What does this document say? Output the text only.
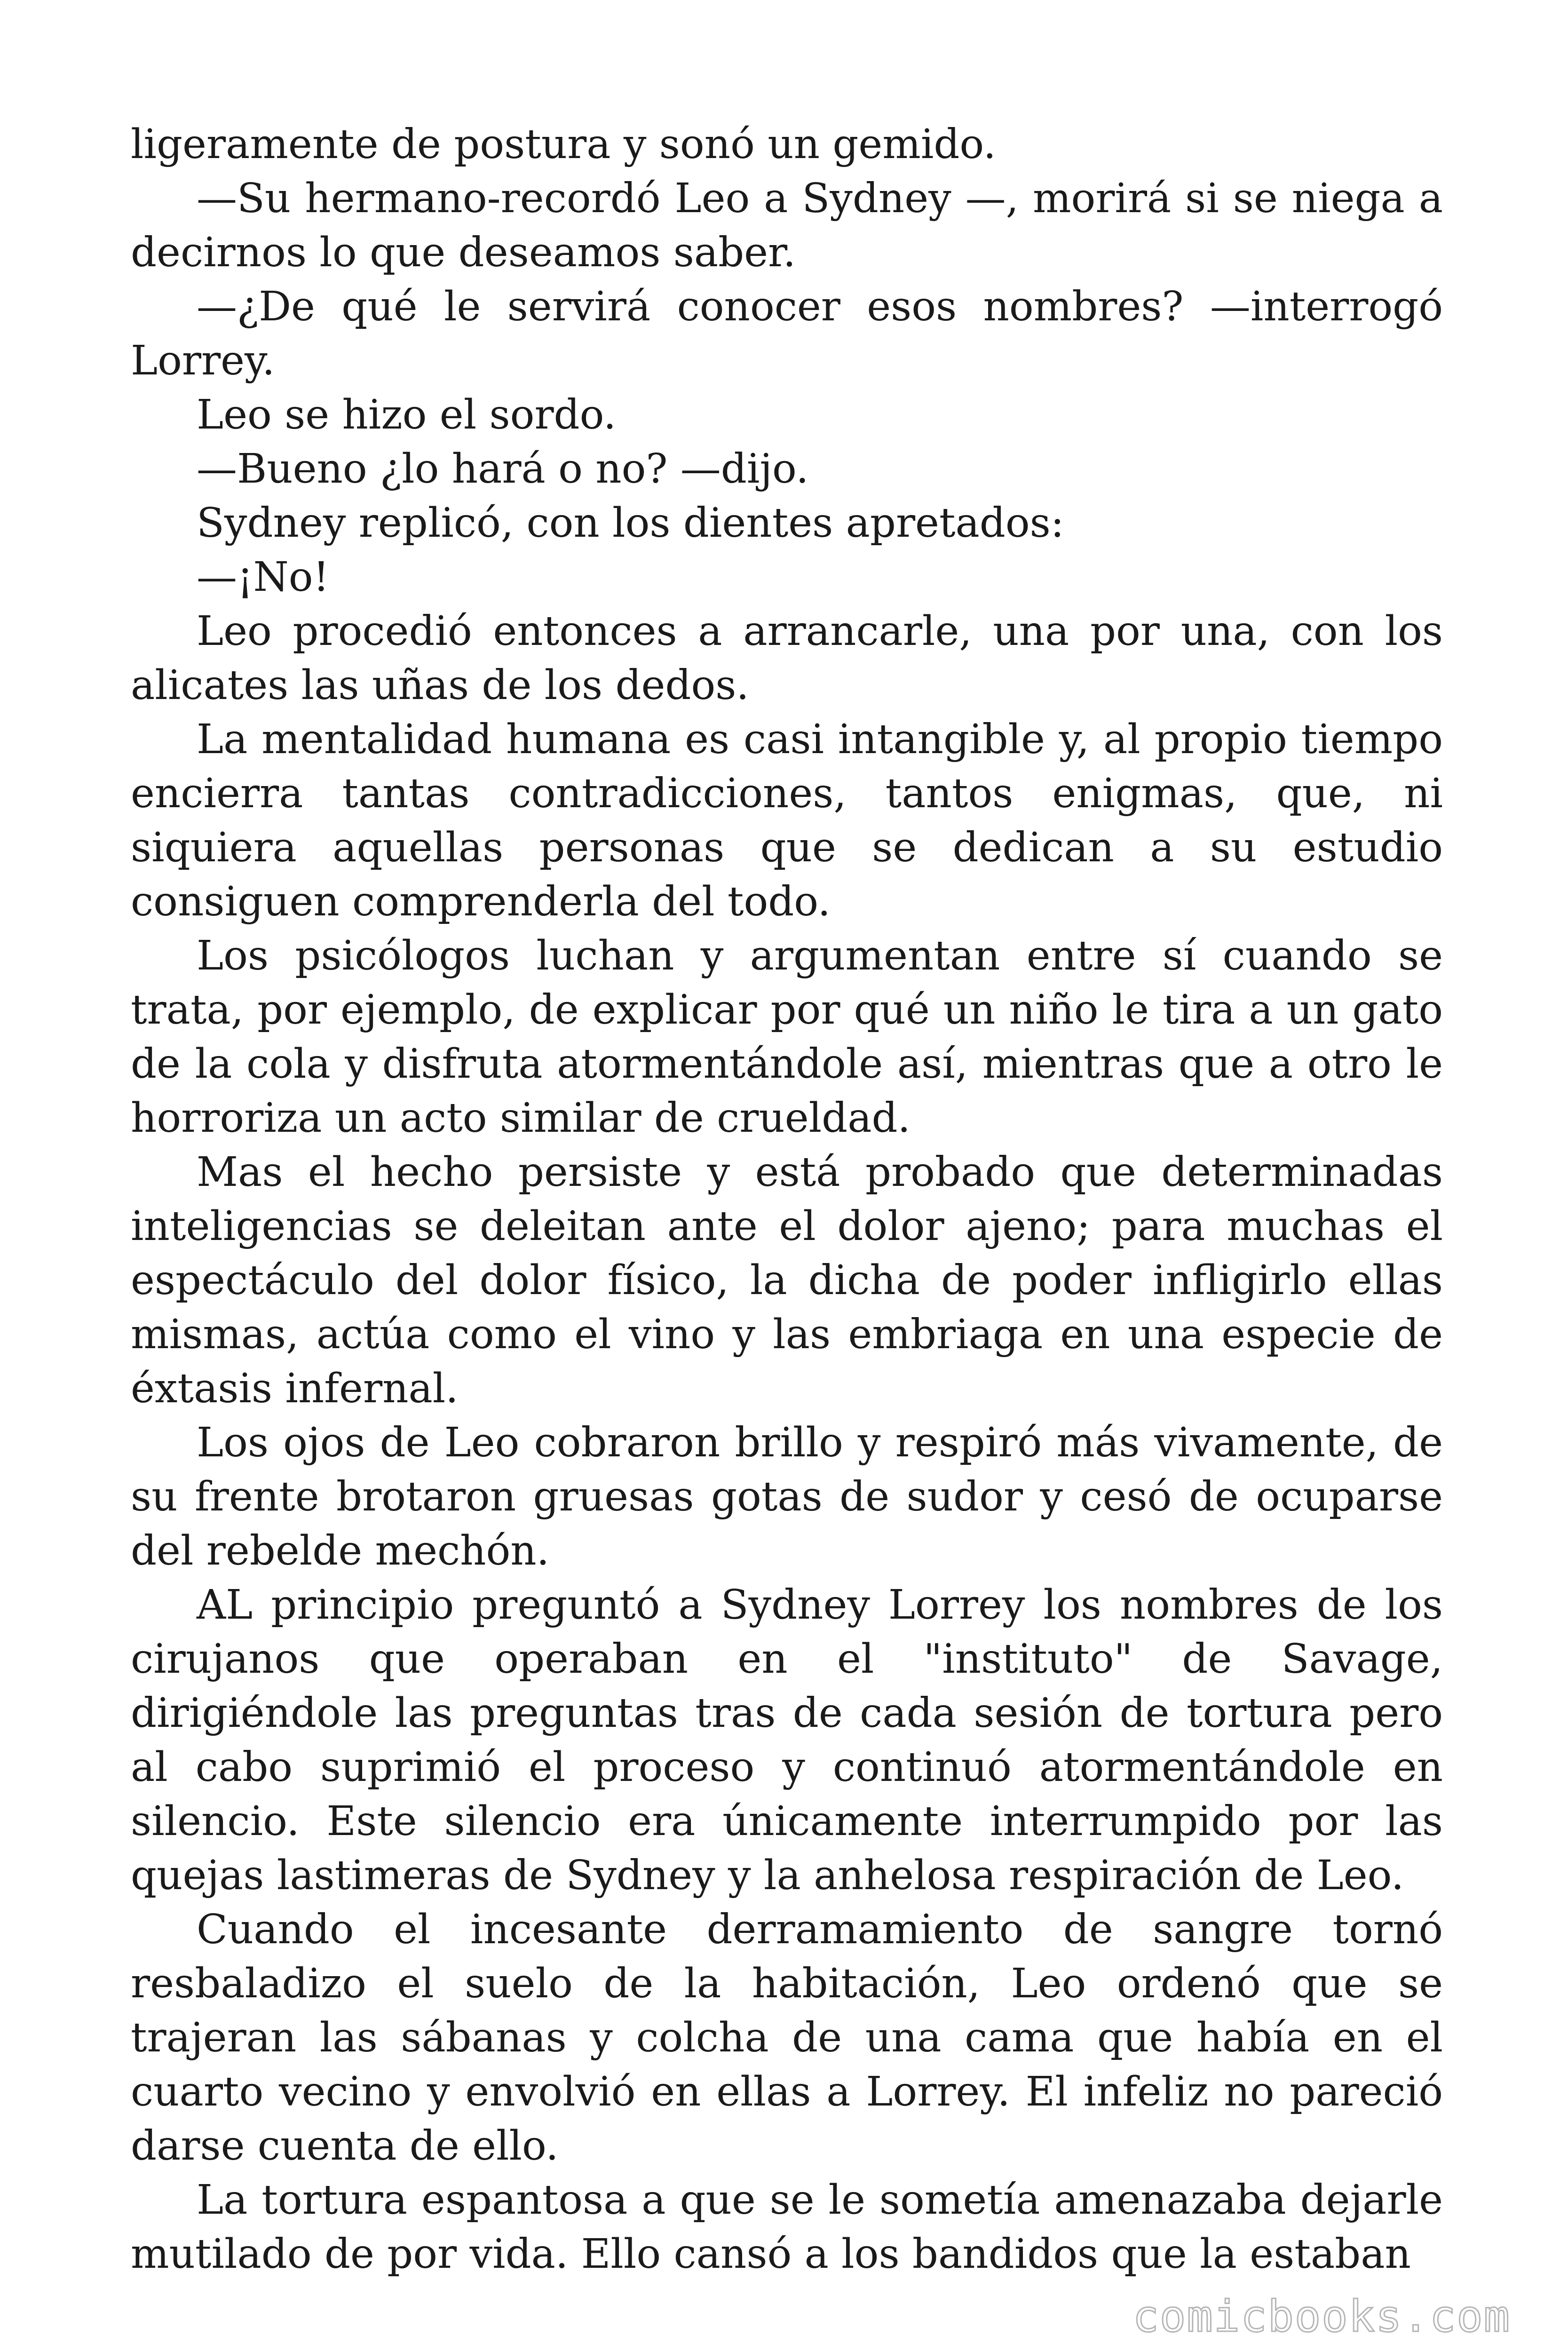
ligeramente de postura y sonó un gemido.

—Su hermano-recordó Leo a Sydney —, morirá si se niega a decirnos lo que deseamos saber.

—¿De qué le servirá conocer esos nombres? —interrogó Lorrey.

Leo se hizo el sordo.

—Bueno ¿lo hará o no? —dijo.

Sydney replicó, con los dientes apretados:

—¡No!

Leo procedió entonces a arrancarle, una por una, con los alicates las uñas de los dedos.

La mentalidad humana es casi intangible y, al propio tiempo encierra tantas contradicciones, tantos enigmas, que, ni siquiera aquellas personas que se dedican a su estudio consiguen comprenderla del todo.

Los psicólogos luchan y argumentan entre sí cuando se trata, por ejemplo, de explicar por qué un niño le tira a un gato de la cola y disfruta atormentándole así, mientras que a otro le horroriza un acto similar de crueldad.

Mas el hecho persiste y está probado que determinadas inteligencias se deleitan ante el dolor ajeno; para muchas el espectáculo del dolor físico, la dicha de poder infligirlo ellas mismas, actúa como el vino y las embriaga en una especie de éxtasis infernal.

Los ojos de Leo cobraron brillo y respiró más vivamente, de su frente brotaron gruesas gotas de sudor y cesó de ocuparse del rebelde mechón.

AL principio preguntó a Sydney Lorrey los nombres de los cirujanos que operaban en el "instituto" de Savage, dirigiéndole las preguntas tras de cada sesión de tortura pero al cabo suprimió el proceso y continuó atormentándole en silencio. Este silencio era únicamente interrumpido por las quejas lastimeras de Sydney y la anhelosa respiración de Leo.

Cuando el incesante derramamiento de sangre tornó resbaladizo el suelo de la habitación, Leo ordenó que se trajeran las sábanas y colcha de una cama que había en el cuarto vecino y envolvió en ellas a Lorrey. El infeliz no pareció darse cuenta de ello.

La tortura espantosa a que se le sometía amenazaba dejarle mutilado de por vida. Ello cansó a los bandidos que la estaban

comicbooks.com
